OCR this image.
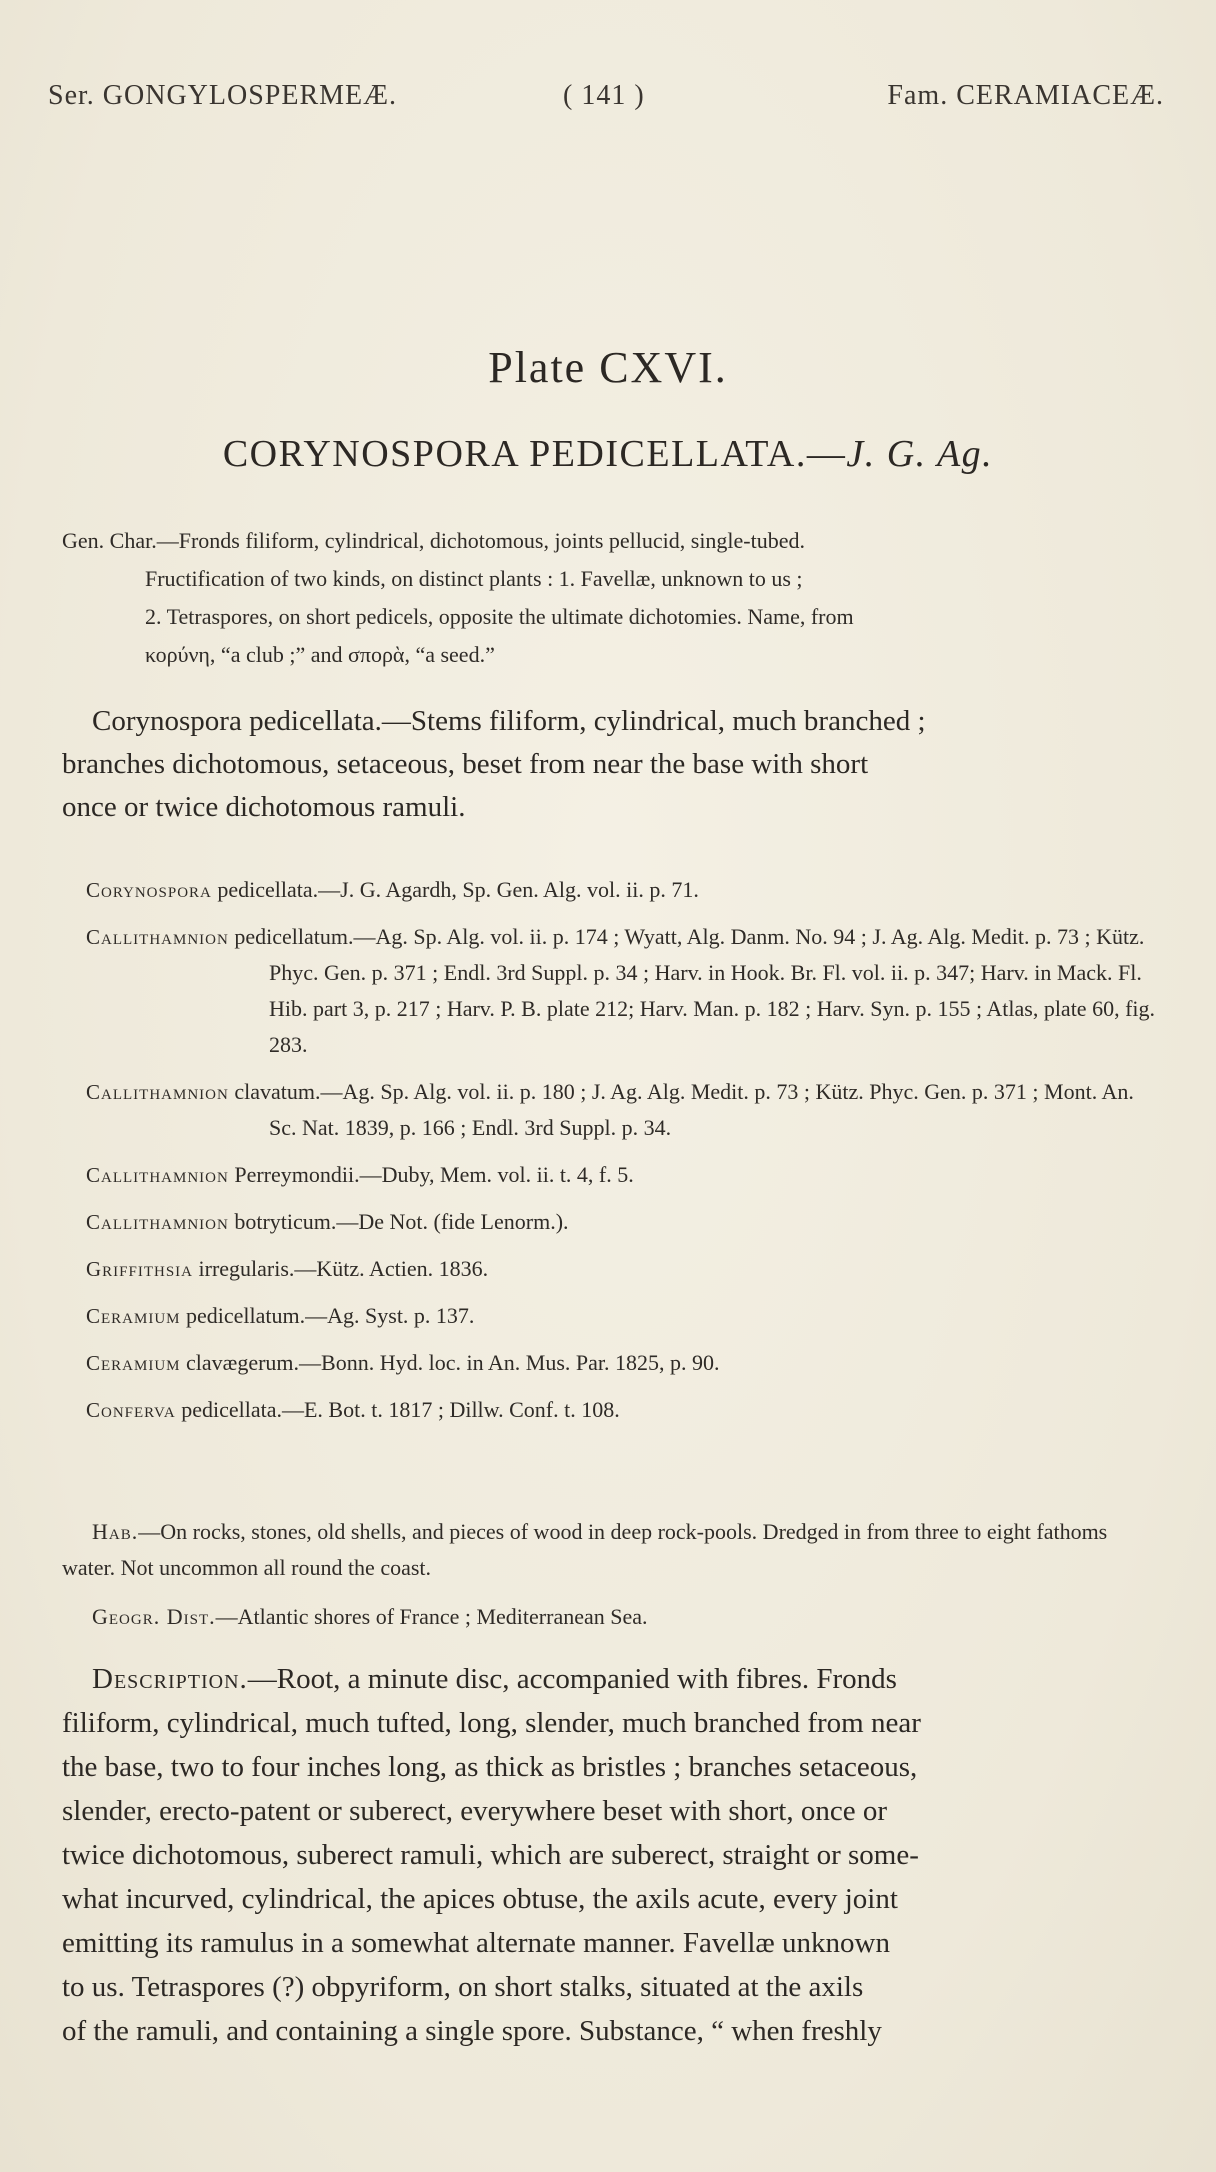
Ser. GONGYLOSPERMEÆ.	( 141 )	Fam. CERAMIACEÆ.
Plate CXVI.
CORYNOSPORA PEDICELLATA.—J. G. Ag.

Gen. Char.—Fronds filiform, cylindrical, dichotomous, joints pellucid, single-tubed.

Fructification of two kinds, on distinct plants : 1. Favellæ, unknown to us ;

2. Tetraspores, on short pedicels, opposite the ultimate dichotomies. Name, from

κορύνη, “a club ;” and σπορὰ, “a seed.”

Corynospora pedicellata.—Stems filiform, cylindrical, much branched ;

branches dichotomous, setaceous, beset from near the base with short

once or twice dichotomous ramuli.

Corynospora pedicellata.—J. G. Agardh, Sp. Gen. Alg. vol. ii. p. 71.

Callithamnion pedicellatum.—Ag. Sp. Alg. vol. ii. p. 174 ; Wyatt, Alg. Danm. No. 94 ; J. Ag. Alg. Medit. p. 73 ; Kütz. Phyc. Gen. p. 371 ; Endl. 3rd Suppl. p. 34 ; Harv. in Hook. Br. Fl. vol. ii. p. 347; Harv. in Mack. Fl. Hib. part 3, p. 217 ; Harv. P. B. plate 212; Harv. Man. p. 182 ; Harv. Syn. p. 155 ; Atlas, plate 60, fig. 283.

Callithamnion clavatum.—Ag. Sp. Alg. vol. ii. p. 180 ; J. Ag. Alg. Medit. p. 73 ; Kütz. Phyc. Gen. p. 371 ; Mont. An. Sc. Nat. 1839, p. 166 ; Endl. 3rd Suppl. p. 34.

Callithamnion Perreymondii.—Duby, Mem. vol. ii. t. 4, f. 5.

Callithamnion botryticum.—De Not. (fide Lenorm.).

Griffithsia irregularis.—Kütz. Actien. 1836.

Ceramium pedicellatum.—Ag. Syst. p. 137.

Ceramium clavægerum.—Bonn. Hyd. loc. in An. Mus. Par. 1825, p. 90.

Conferva pedicellata.—E. Bot. t. 1817 ; Dillw. Conf. t. 108.

Hab.—On rocks, stones, old shells, and pieces of wood in deep rock-pools. Dredged in from three to eight fathoms water. Not uncommon all round the coast.

Geogr. Dist.—Atlantic shores of France ; Mediterranean Sea.

Description.—Root, a minute disc, accompanied with fibres. Fronds

filiform, cylindrical, much tufted, long, slender, much branched from near

the base, two to four inches long, as thick as bristles ; branches setaceous,

slender, erecto-patent or suberect, everywhere beset with short, once or

twice dichotomous, suberect ramuli, which are suberect, straight or some-

what incurved, cylindrical, the apices obtuse, the axils acute, every joint

emitting its ramulus in a somewhat alternate manner. Favellæ unknown

to us. Tetraspores (?) obpyriform, on short stalks, situated at the axils

of the ramuli, and containing a single spore. Substance, “ when freshly
